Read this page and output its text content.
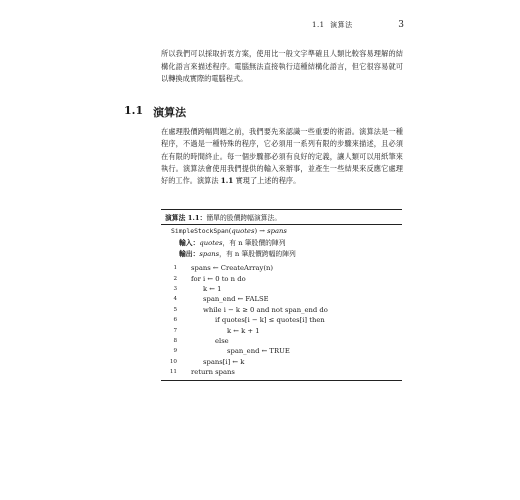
1.1 演算法	3

所以我們可以採取折衷方案，使用比一般文字準確且人類比較容易理解的結構化語言來描述程序。電腦無法直接執行這種結構化語言，但它很容易就可以轉換成實際的電腦程式。

1.1 演算法

在處理股價跨幅問題之前，我們要先來認識一些重要的術語。演算法是一種程序，不過是一種特殊的程序，它必須用一系列有限的步驟來描述，且必須在有限的時間終止。每一個步驟都必須有良好的定義，讓人類可以用紙筆來執行。演算法會使用我們提供的輸入來辦事，並產生一些結果來反應它處理好的工作。演算法 1.1 實現了上述的程序。

演算法 1.1：簡單的股價跨幅演算法。
SimpleStockSpan(quotes) → spans
輸入：quotes，有 n 筆股價的陣列
輸出：spans，有 n 筆股價跨幅的陣列
1	spans ← CreateArray(n)
2	for i ← 0 to n do
3	k ← 1
4	span_end ← FALSE
5	while i − k ≥ 0 and not span_end do
6	if quotes[i − k] ≤ quotes[i] then
7	k ← k + 1
8	else
9	span_end ← TRUE
10	spans[i] ← k
11	return spans
